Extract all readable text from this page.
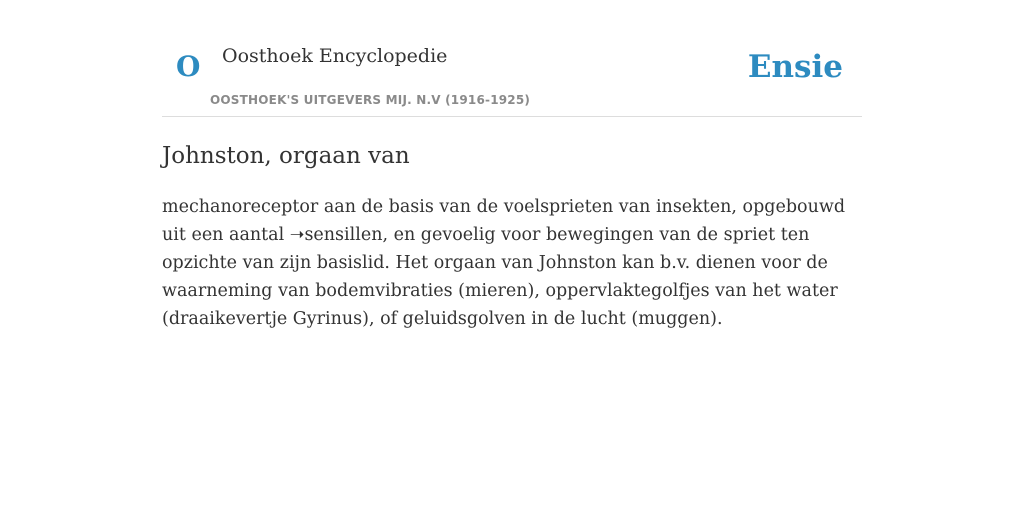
O Oosthoek Encyclopedie
OOSTHOEK'S UITGEVERS MIJ. N.V (1916-1925)
Ensie
Johnston, orgaan van

mechanoreceptor aan de basis van de voelsprieten van insekten, opgebouwd uit een aantal ➝sensillen, en gevoelig voor bewegingen van de spriet ten opzichte van zijn basislid. Het orgaan van Johnston kan b.v. dienen voor de waarneming van bodemvibraties (mieren), oppervlaktegolfjes van het water (draaikevertje Gyrinus), of geluidsgolven in de lucht (muggen).
